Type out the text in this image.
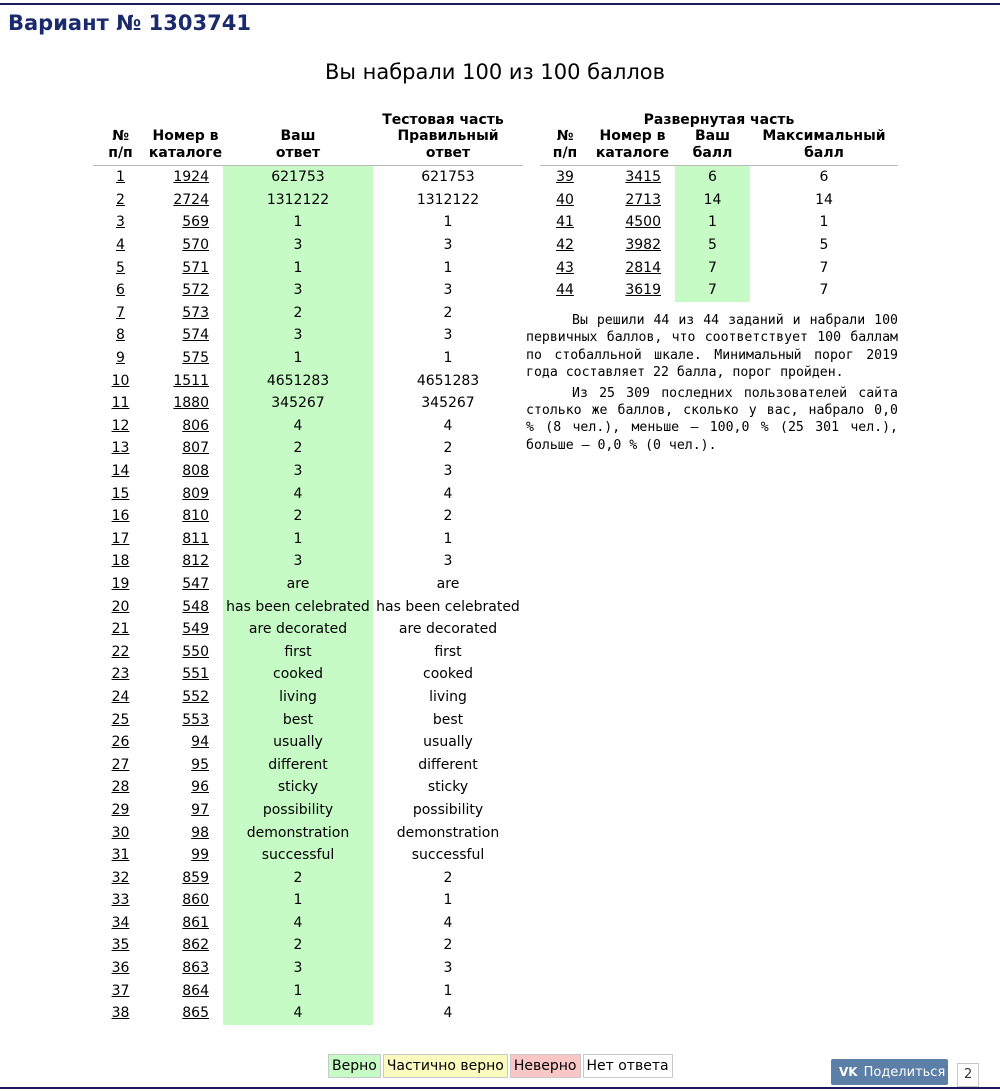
Вариант № 1303741
Вы набрали 100 из 100 баллов
Тестовая часть			
№
п/п	Номер в
каталоге	Ваш
ответ	Правильный
ответ
1	1924	621753	621753
2	2724	1312122	1312122
3	569	1	1
4	570	3	3
5	571	1	1
6	572	3	3
7	573	2	2
8	574	3	3
9	575	1	1
10	1511	4651283	4651283
11	1880	345267	345267
12	806	4	4
13	807	2	2
14	808	3	3
15	809	4	4
16	810	2	2
17	811	1	1
18	812	3	3
19	547	are	are
20	548	has been celebrated	has been celebrated
21	549	are decorated	are decorated
22	550	first	first
23	551	cooked	cooked
24	552	living	living
25	553	best	best
26	94	usually	usually
27	95	different	different
28	96	sticky	sticky
29	97	possibility	possibility
30	98	demonstration	demonstration
31	99	successful	successful
32	859	2	2
33	860	1	1
34	861	4	4
35	862	2	2
36	863	3	3
37	864	1	1
38	865	4	4
Развернутая часть			
№
п/п	Номер в
каталоге	Ваш
балл	Максимальный
балл
39	3415	6	6
40	2713	14	14
41	4500	1	1
42	3982	5	5
43	2814	7	7
44	3619	7	7

Вы решили 44 из 44 заданий и набрали 100 первичных баллов, что соответствует 100 баллам по стобалльной шкале. Минимальный порог 2019 года составляет 22 балла, порог пройден.

Из 25 309 последних пользователей сайта столько же баллов, сколько у вас, набрало 0,0 % (8 чел.), меньше — 100,0 % (25 301 чел.), больше — 0,0 % (0 чел.).

Верно Частично верно Неверно Нет ответа	VK Поделиться	2
